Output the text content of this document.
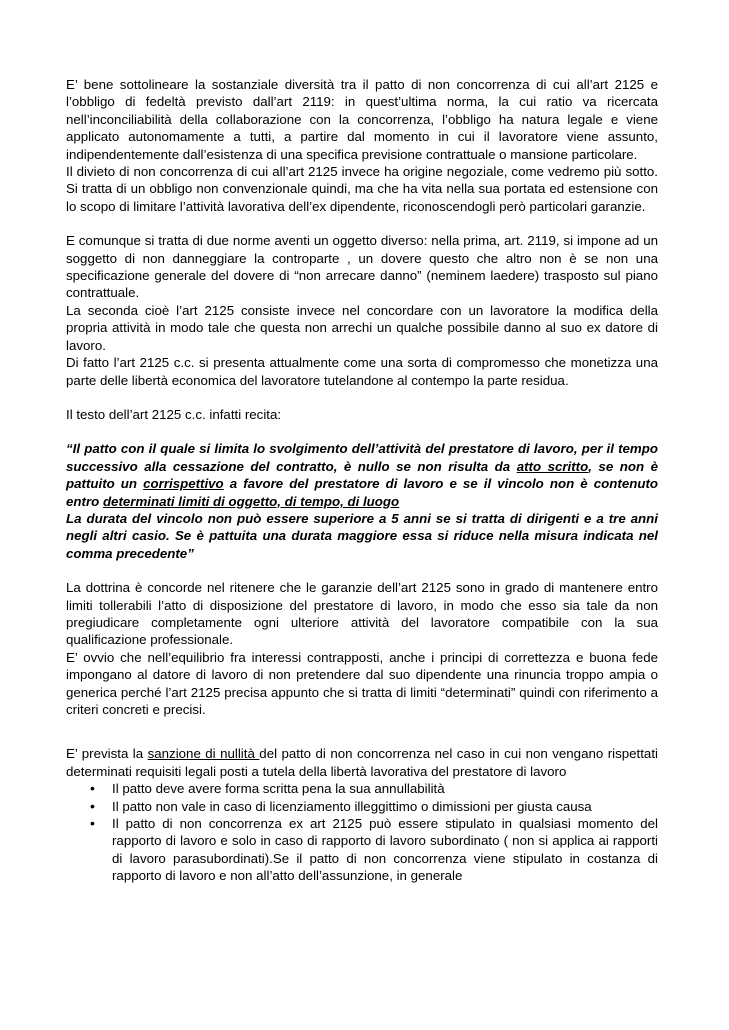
E’ bene sottolineare la sostanziale diversità tra il patto di non concorrenza di cui all’art 2125 e l’obbligo di fedeltà previsto dall’art 2119: in quest’ultima norma, la cui ratio va ricercata nell’inconciliabilità della collaborazione con la concorrenza, l’obbligo ha natura legale e viene applicato autonomamente a tutti, a partire dal momento in cui il lavoratore viene assunto, indipendentemente dall’esistenza di una specifica previsione contrattuale o mansione particolare.

Il divieto di non concorrenza di cui all’art 2125 invece ha origine negoziale, come vedremo più sotto. Si tratta di un obbligo non convenzionale quindi, ma che ha vita nella sua portata ed estensione con lo scopo di limitare l’attività lavorativa dell’ex dipendente, riconoscendogli però particolari garanzie.

E comunque si tratta di due norme aventi un oggetto diverso: nella prima, art. 2119, si impone ad un soggetto di non danneggiare la controparte , un dovere questo che altro non è se non una specificazione generale del dovere di “non arrecare danno” (neminem laedere) trasposto sul piano contrattuale.

La seconda cioè l’art 2125 consiste invece nel concordare con un lavoratore la modifica della propria attività in modo tale che questa non arrechi un qualche possibile danno al suo ex datore di lavoro.

Di fatto l’art 2125 c.c. si presenta attualmente come una sorta di compromesso che monetizza una parte delle libertà economica del lavoratore tutelandone al contempo la parte residua.

Il testo dell’art 2125 c.c. infatti recita:

“Il patto con il quale si limita lo svolgimento dell’attività del prestatore di lavoro, per il tempo successivo alla cessazione del contratto, è nullo se non risulta da atto scritto, se non è pattuito un corrispettivo a favore del prestatore di lavoro e se il vincolo non è contenuto entro determinati limiti di oggetto, di tempo, di luogo

La durata del vincolo non può essere superiore a 5 anni se si tratta di dirigenti e a tre anni negli altri casio. Se è pattuita una durata maggiore essa si riduce nella misura indicata nel comma precedente”

La dottrina è concorde nel ritenere che le garanzie dell’art 2125 sono in grado di mantenere entro limiti tollerabili l’atto di disposizione del prestatore di lavoro, in modo che esso sia tale da non pregiudicare completamente ogni ulteriore attività del lavoratore compatibile con la sua qualificazione professionale.

E’ ovvio che nell’equilibrio fra interessi contrapposti, anche i principi di correttezza e buona fede impongano al datore di lavoro di non pretendere dal suo dipendente una rinuncia troppo ampia o generica perché l’art 2125 precisa appunto che si tratta di limiti “determinati” quindi con riferimento a criteri concreti e precisi.

E’ prevista la sanzione di nullità del patto di non concorrenza nel caso in cui non vengano rispettati determinati requisiti legali posti a tutela della libertà lavorativa del prestatore di lavoro

• Il patto deve avere forma scritta pena la sua annullabilità
• Il patto non vale in caso di licenziamento illeggittimo o dimissioni per giusta causa
• Il patto di non concorrenza ex art 2125 può essere stipulato in qualsiasi momento del rapporto di lavoro e solo in caso di rapporto di lavoro subordinato ( non si applica ai rapporti di lavoro parasubordinati).Se il patto di non concorrenza viene stipulato in costanza di rapporto di lavoro e non all’atto dell’assunzione, in generale
